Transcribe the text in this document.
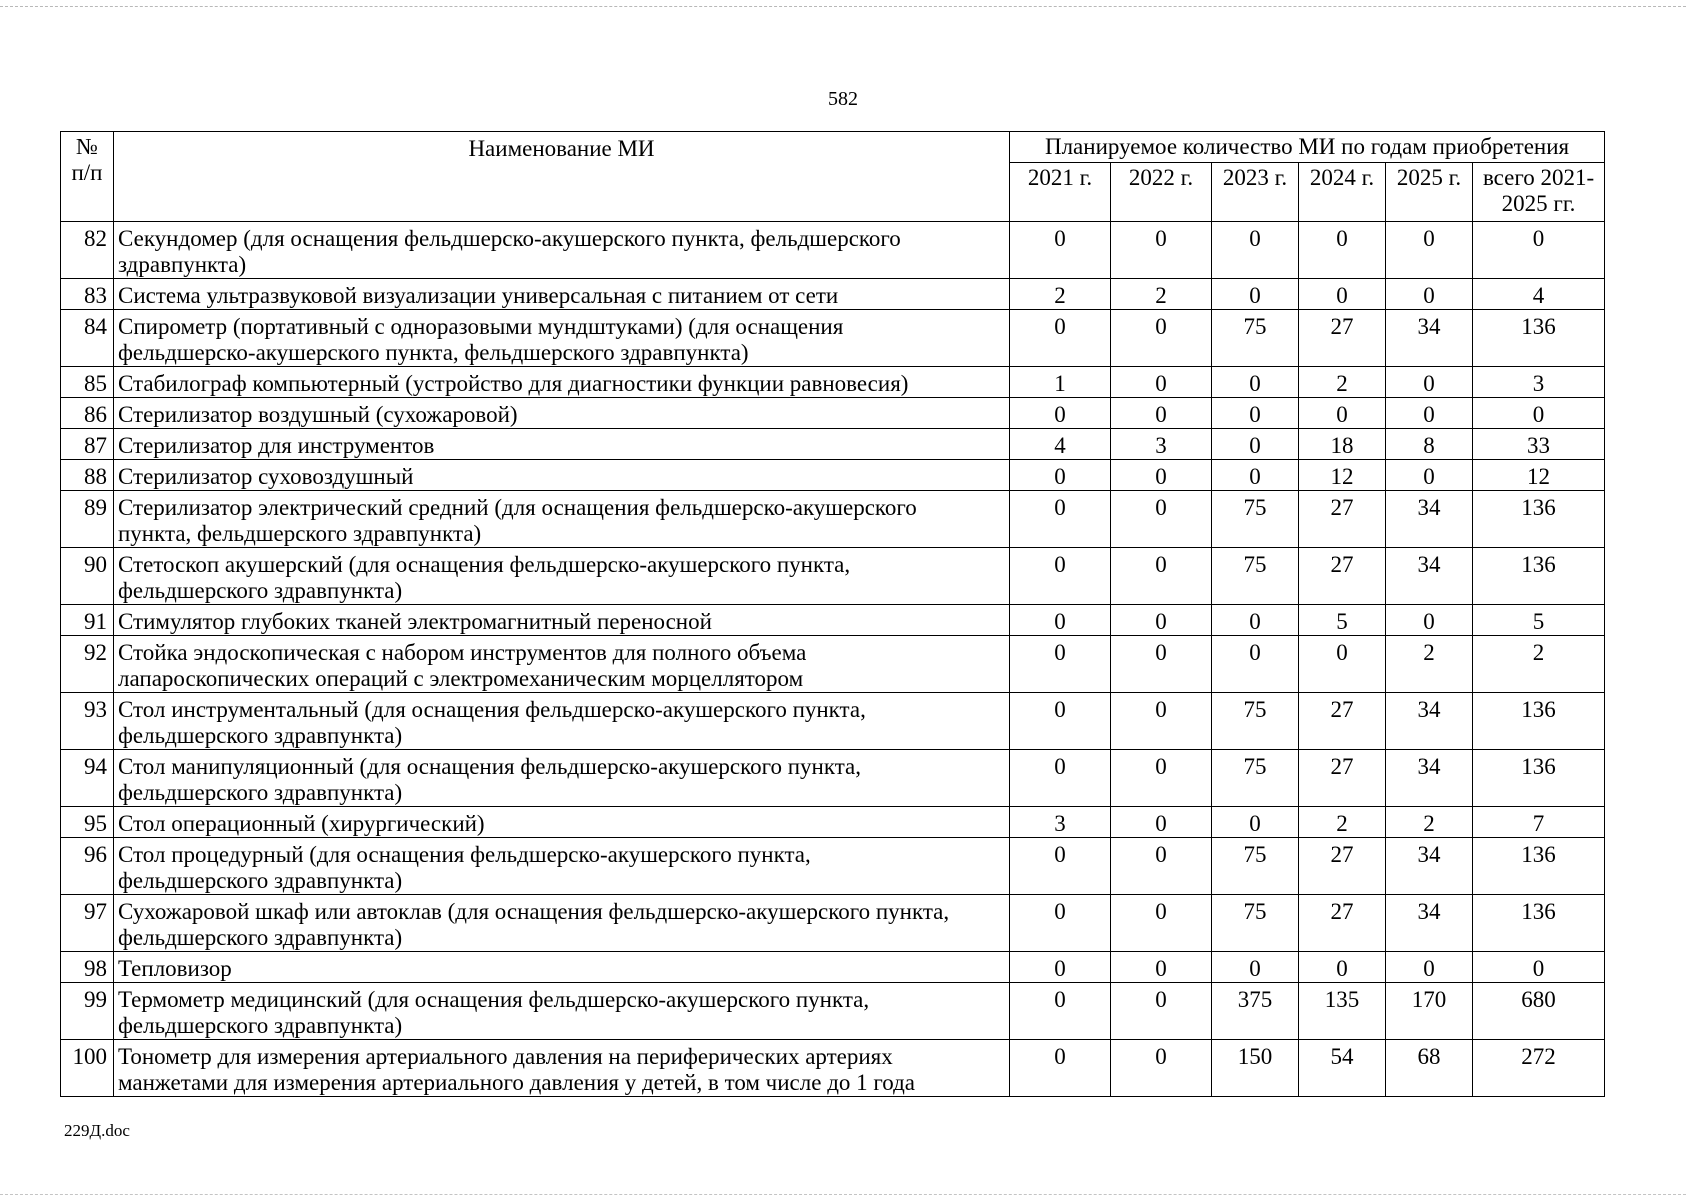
582
№
п/п	Наименование МИ	Планируемое количество МИ по годам приобретения					
		2021 г.	2022 г.	2023 г.	2024 г.	2025 г.	всего 2021-
2025 гг.

82	Секундомер (для оснащения фельдшерско-акушерского пункта, фельдшерского
здравпункта)	0	0	0	0	0	0
83	Система ультразвуковой визуализации универсальная с питанием от сети	2	2	0	0	0	4
84	Спирометр (портативный с одноразовыми мундштуками) (для оснащения
фельдшерско-акушерского пункта, фельдшерского здравпункта)	0	0	75	27	34	136
85	Стабилограф компьютерный (устройство для диагностики функции равновесия)	1	0	0	2	0	3
86	Стерилизатор воздушный (сухожаровой)	0	0	0	0	0	0
87	Стерилизатор для инструментов	4	3	0	18	8	33
88	Стерилизатор суховоздушный	0	0	0	12	0	12
89	Стерилизатор электрический средний (для оснащения фельдшерско-акушерского
пункта, фельдшерского здравпункта)	0	0	75	27	34	136
90	Стетоскоп акушерский (для оснащения фельдшерско-акушерского пункта,
фельдшерского здравпункта)	0	0	75	27	34	136
91	Стимулятор глубоких тканей электромагнитный переносной	0	0	0	5	0	5
92	Стойка эндоскопическая с набором инструментов для полного объема
лапароскопических операций с электромеханическим морцеллятором	0	0	0	0	2	2
93	Стол инструментальный (для оснащения фельдшерско-акушерского пункта,
фельдшерского здравпункта)	0	0	75	27	34	136
94	Стол манипуляционный (для оснащения фельдшерско-акушерского пункта,
фельдшерского здравпункта)	0	0	75	27	34	136
95	Стол операционный (хирургический)	3	0	0	2	2	7
96	Стол процедурный (для оснащения фельдшерско-акушерского пункта,
фельдшерского здравпункта)	0	0	75	27	34	136
97	Сухожаровой шкаф или автоклав (для оснащения фельдшерско-акушерского пункта,
фельдшерского здравпункта)	0	0	75	27	34	136
98	Тепловизор	0	0	0	0	0	0
99	Термометр медицинский (для оснащения фельдшерско-акушерского пункта,
фельдшерского здравпункта)	0	0	375	135	170	680
100	Тонометр для измерения артериального давления на периферических артериях
манжетами для измерения артериального давления у детей, в том числе до 1 года	0	0	150	54	68	272
229Д.doc
